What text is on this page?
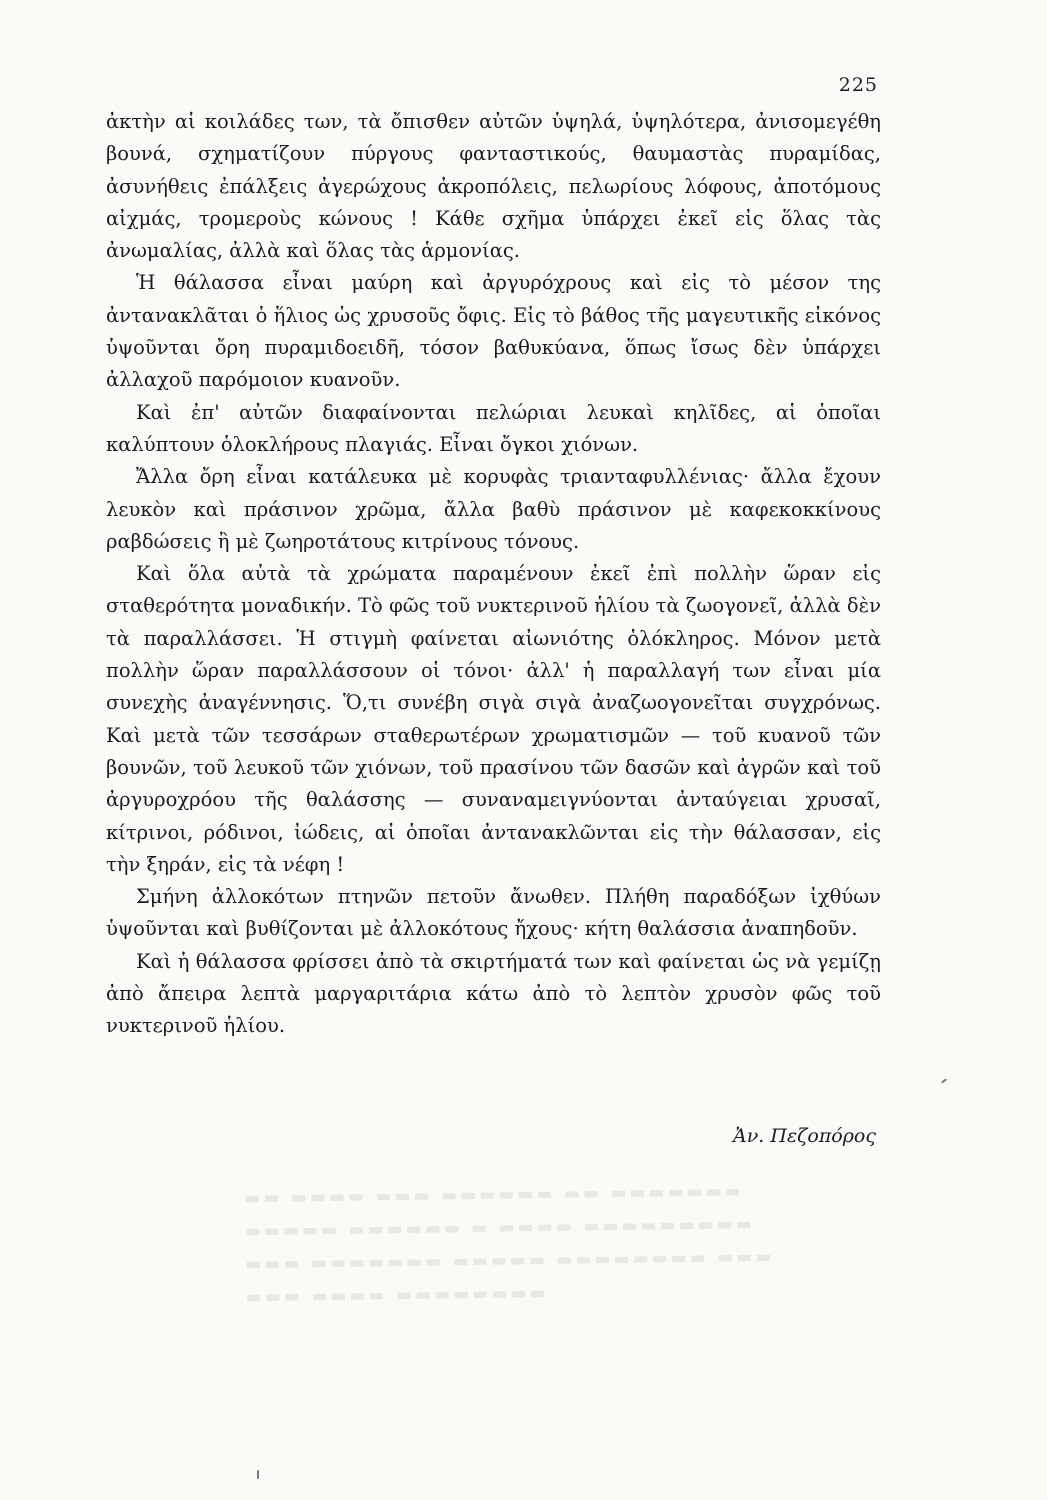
225

ἀκτὴν αἱ κοιλάδες των, τὰ ὄπισθεν αὐτῶν ὑψηλά, ὑψηλότερα, ἀνισομεγέθη βουνά, σχηματίζουν πύργους φανταστικούς, θαυμαστὰς πυραμίδας, ἀσυνήθεις ἐπάλξεις ἀγερώχους ἀκροπόλεις, πελωρίους λόφους, ἀποτόμους αἰχμάς, τρομεροὺς κώνους ! Κάθε σχῆμα ὑπάρχει ἐκεῖ εἰς ὅλας τὰς ἀνωμαλίας, ἀλλὰ καὶ ὅλας τὰς ἁρμονίας.

Ἡ θάλασσα εἶναι μαύρη καὶ ἀργυρόχρους καὶ εἰς τὸ μέσον της ἀντανακλᾶται ὁ ἥλιος ὡς χρυσοῦς ὄφις. Εἰς τὸ βάθος τῆς μαγευτικῆς εἰκόνος ὑψοῦνται ὄρη πυραμιδοειδῆ, τόσον βαθυκύανα, ὅπως ἴσως δὲν ὑπάρχει ἀλλαχοῦ παρόμοιον κυανοῦν.

Καὶ ἐπ' αὐτῶν διαφαίνονται πελώριαι λευκαὶ κηλῖδες, αἱ ὁποῖαι καλύπτουν ὁλοκλήρους πλαγιάς. Εἶναι ὄγκοι χιόνων.

Ἄλλα ὄρη εἶναι κατάλευκα μὲ κορυφὰς τριανταφυλλένιας· ἄλλα ἔχουν λευκὸν καὶ πράσινον χρῶμα, ἄλλα βαθὺ πράσινον μὲ καφεκοκκίνους ραβδώσεις ἢ μὲ ζωηροτάτους κιτρίνους τόνους.

Καὶ ὅλα αὐτὰ τὰ χρώματα παραμένουν ἐκεῖ ἐπὶ πολλὴν ὥραν εἰς σταθερότητα μοναδικήν. Τὸ φῶς τοῦ νυκτερινοῦ ἡλίου τὰ ζωογονεῖ, ἀλλὰ δὲν τὰ παραλλάσσει. Ἡ στιγμὴ φαίνεται αἰωνιότης ὁλόκληρος. Μόνον μετὰ πολλὴν ὥραν παραλλάσσουν οἱ τόνοι· ἀλλ' ἡ παραλλαγή των εἶναι μία συνεχὴς ἀναγέννησις. Ὅ,τι συνέβη σιγὰ σιγὰ ἀναζωογονεῖται συγχρόνως. Καὶ μετὰ τῶν τεσσάρων σταθερωτέρων χρωματισμῶν — τοῦ κυανοῦ τῶν βουνῶν, τοῦ λευκοῦ τῶν χιόνων, τοῦ πρασίνου τῶν δασῶν καὶ ἀγρῶν καὶ τοῦ ἀργυροχρόου τῆς θαλάσσης — συναναμειγνύονται ἀνταύγειαι χρυσαῖ, κίτρινοι, ρόδινοι, ἰώδεις, αἱ ὁποῖαι ἀντανακλῶνται εἰς τὴν θάλασσαν, εἰς τὴν ξηράν, εἰς τὰ νέφη !

Σμήνη ἀλλοκότων πτηνῶν πετοῦν ἄνωθεν. Πλήθη παραδόξων ἰχθύων ὑψοῦνται καὶ βυθίζονται μὲ ἀλλοκότους ἤχους· κήτη θαλάσσια ἀναπηδοῦν.

Καὶ ἡ θάλασσα φρίσσει ἀπὸ τὰ σκιρτήματά των καὶ φαίνεται ὡς νὰ γεμίζῃ ἀπὸ ἄπειρα λεπτὰ μαργαριτάρια κάτω ἀπὸ τὸ λεπτὸν χρυσὸν φῶς τοῦ νυκτερινοῦ ἡλίου.

Ἀν. Πεζοπόρος
▬▬ ▬▬▬▬ ▬▬▬ ▬▬▬▬▬▬ ▬▬ ▬▬▬▬▬▬▬
▬▬▬▬▬ ▬▬▬▬▬▬ ▬ ▬▬▬▬ ▬▬▬▬▬▬▬▬▬
▬▬▬ ▬▬▬▬▬▬▬ ▬▬▬▬▬ ▬▬▬▬▬▬▬▬ ▬▬▬
▬▬▬ ▬▬▬▬ ▬▬▬▬▬▬▬▬
